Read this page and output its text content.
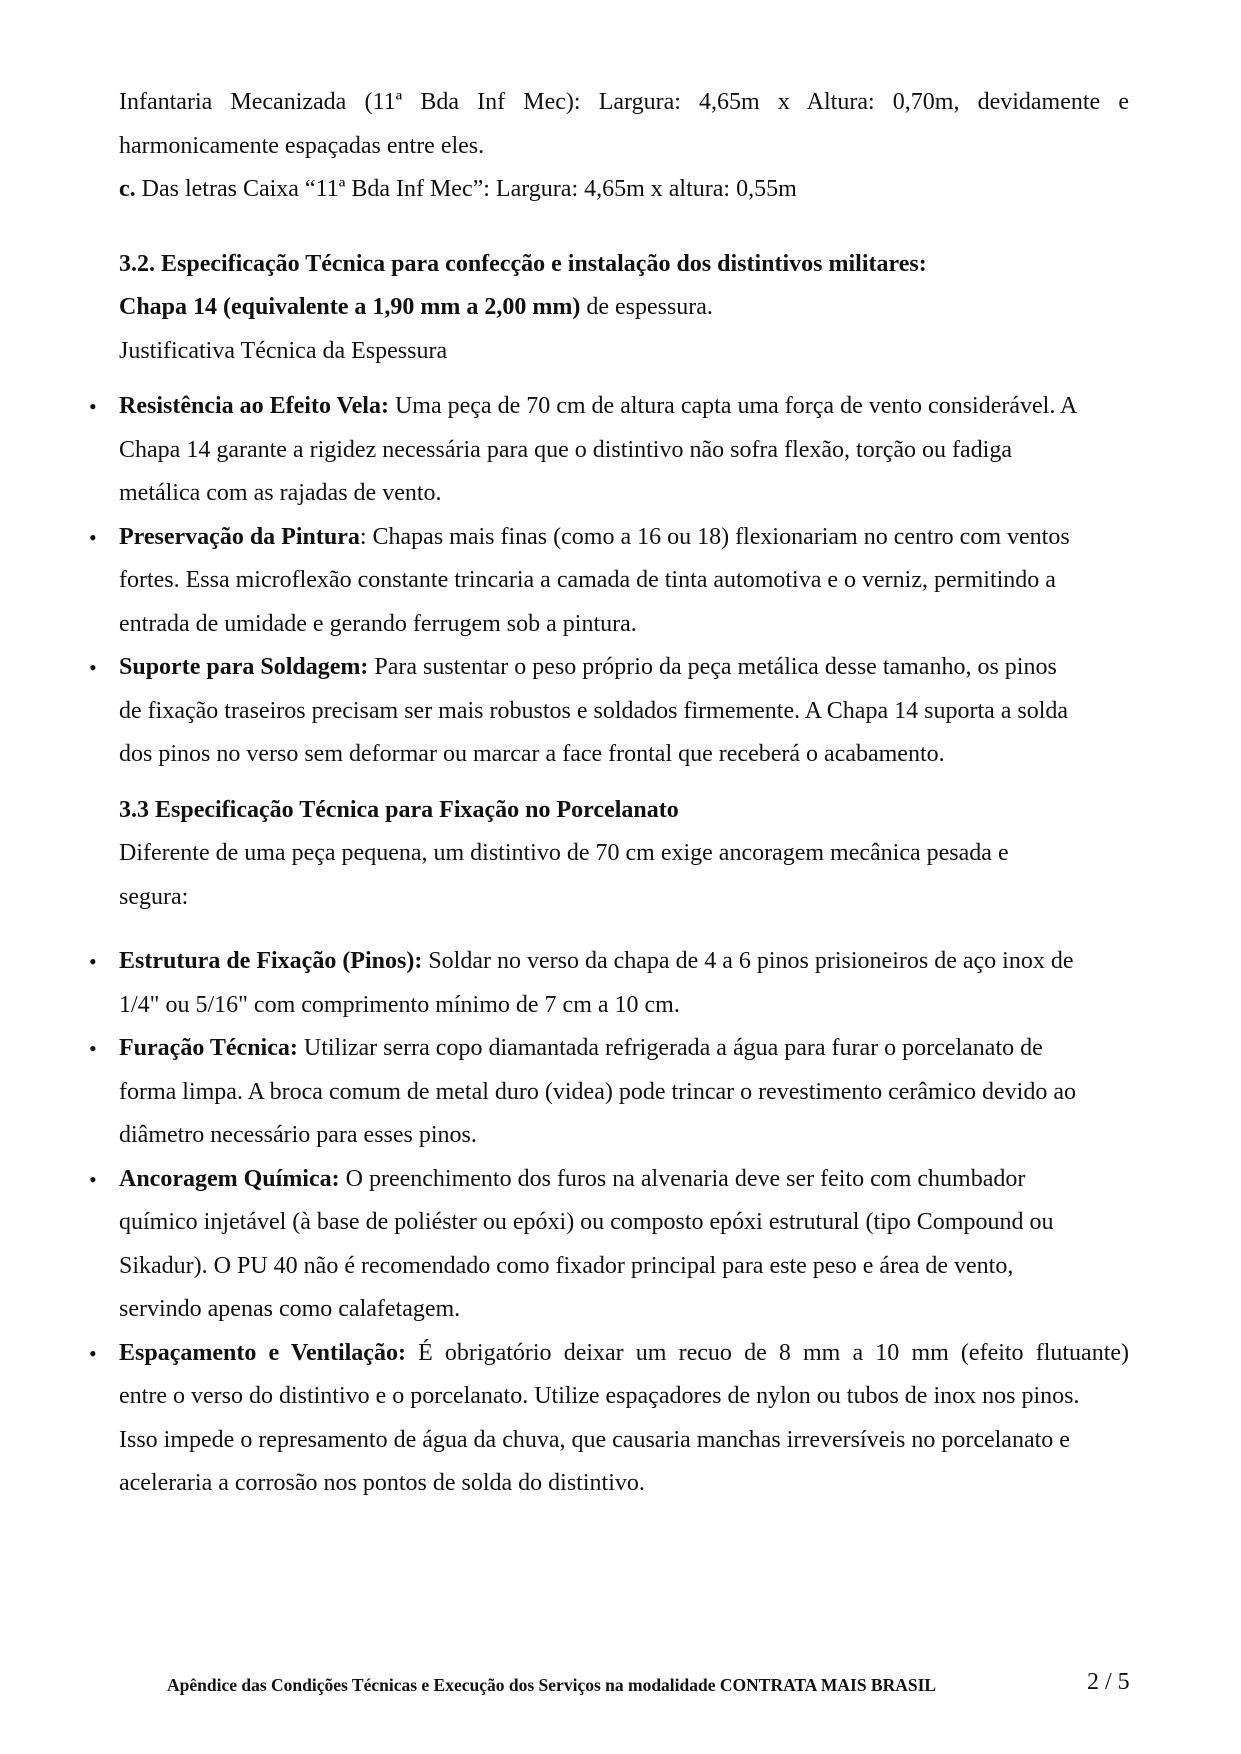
Infantaria Mecanizada (11ª Bda Inf Mec): Largura: 4,65m x Altura: 0,70m, devidamente e

harmonicamente espaçadas entre eles.

c. Das letras Caixa “11ª Bda Inf Mec”: Largura: 4,65m x altura: 0,55m

3.2. Especificação Técnica para confecção e instalação dos distintivos militares:

Chapa 14 (equivalente a 1,90 mm a 2,00 mm) de espessura.

Justificativa Técnica da Espessura

• Resistência ao Efeito Vela: Uma peça de 70 cm de altura capta uma força de vento considerável. A
Chapa 14 garante a rigidez necessária para que o distintivo não sofra flexão, torção ou fadiga
metálica com as rajadas de vento.
• Preservação da Pintura: Chapas mais finas (como a 16 ou 18) flexionariam no centro com ventos
fortes. Essa microflexão constante trincaria a camada de tinta automotiva e o verniz, permitindo a
entrada de umidade e gerando ferrugem sob a pintura.
• Suporte para Soldagem: Para sustentar o peso próprio da peça metálica desse tamanho, os pinos
de fixação traseiros precisam ser mais robustos e soldados firmemente. A Chapa 14 suporta a solda
dos pinos no verso sem deformar ou marcar a face frontal que receberá o acabamento.

3.3 Especificação Técnica para Fixação no Porcelanato

Diferente de uma peça pequena, um distintivo de 70 cm exige ancoragem mecânica pesada e

segura:

• Estrutura de Fixação (Pinos): Soldar no verso da chapa de 4 a 6 pinos prisioneiros de aço inox de
1/4" ou 5/16" com comprimento mínimo de 7 cm a 10 cm.
• Furação Técnica: Utilizar serra copo diamantada refrigerada a água para furar o porcelanato de
forma limpa. A broca comum de metal duro (videa) pode trincar o revestimento cerâmico devido ao
diâmetro necessário para esses pinos.
• Ancoragem Química: O preenchimento dos furos na alvenaria deve ser feito com chumbador
químico injetável (à base de poliéster ou epóxi) ou composto epóxi estrutural (tipo Compound ou
Sikadur). O PU 40 não é recomendado como fixador principal para este peso e área de vento,
servindo apenas como calafetagem.
• Espaçamento e Ventilação: É obrigatório deixar um recuo de 8 mm a 10 mm (efeito flutuante)
entre o verso do distintivo e o porcelanato. Utilize espaçadores de nylon ou tubos de inox nos pinos.
Isso impede o represamento de água da chuva, que causaria manchas irreversíveis no porcelanato e
aceleraria a corrosão nos pontos de solda do distintivo.
Apêndice das Condições Técnicas e Execução dos Serviços na modalidade CONTRATA MAIS BRASIL	2 / 5
